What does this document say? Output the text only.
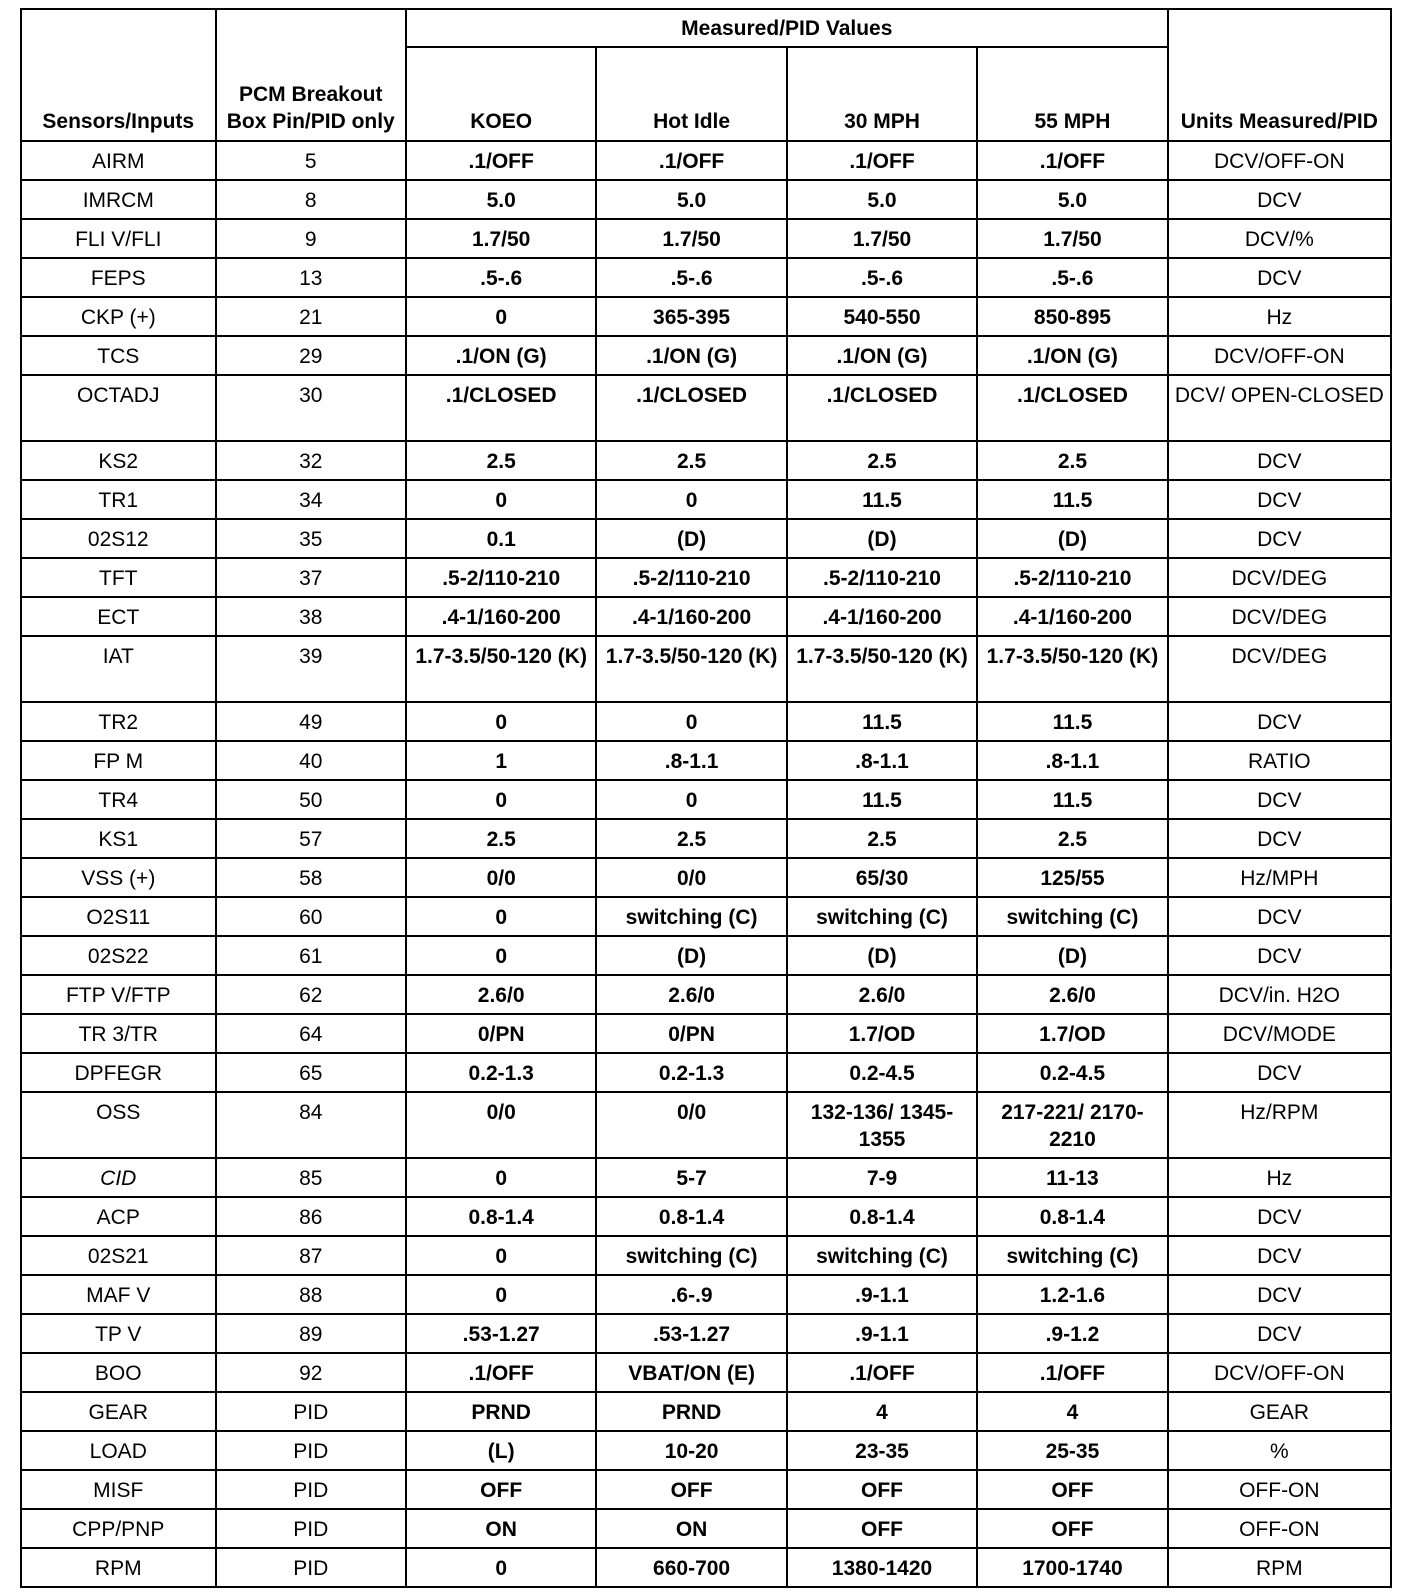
Sensors/Inputs	PCM Breakout Box Pin/PID only	Measured/PID Values				Units Measured/PID
		KOEO	Hot Idle	30 MPH	55 MPH	
AIRM	5	.1/OFF	.1/OFF	.1/OFF	.1/OFF	DCV/OFF-ON
IMRCM	8	5.0	5.0	5.0	5.0	DCV
FLI V/FLI	9	1.7/50	1.7/50	1.7/50	1.7/50	DCV/%
FEPS	13	.5-.6	.5-.6	.5-.6	.5-.6	DCV
CKP (+)	21	0	365-395	540-550	850-895	Hz
TCS	29	.1/ON (G)	.1/ON (G)	.1/ON (G)	.1/ON (G)	DCV/OFF-ON
OCTADJ	30	.1/CLOSED	.1/CLOSED	.1/CLOSED	.1/CLOSED	DCV/ OPEN-CLOSED
KS2	32	2.5	2.5	2.5	2.5	DCV
TR1	34	0	0	11.5	11.5	DCV
02S12	35	0.1	(D)	(D)	(D)	DCV
TFT	37	.5-2/110-210	.5-2/110-210	.5-2/110-210	.5-2/110-210	DCV/DEG
ECT	38	.4-1/160-200	.4-1/160-200	.4-1/160-200	.4-1/160-200	DCV/DEG
IAT	39	1.7-3.5/50-120 (K)	1.7-3.5/50-120 (K)	1.7-3.5/50-120 (K)	1.7-3.5/50-120 (K)	DCV/DEG
TR2	49	0	0	11.5	11.5	DCV
FP M	40	1	.8-1.1	.8-1.1	.8-1.1	RATIO
TR4	50	0	0	11.5	11.5	DCV
KS1	57	2.5	2.5	2.5	2.5	DCV
VSS (+)	58	0/0	0/0	65/30	125/55	Hz/MPH
O2S11	60	0	switching (C)	switching (C)	switching (C)	DCV
02S22	61	0	(D)	(D)	(D)	DCV
FTP V/FTP	62	2.6/0	2.6/0	2.6/0	2.6/0	DCV/in. H2O
TR 3/TR	64	0/PN	0/PN	1.7/OD	1.7/OD	DCV/MODE
DPFEGR	65	0.2-1.3	0.2-1.3	0.2-4.5	0.2-4.5	DCV
OSS	84	0/0	0/0	132-136/ 1345-1355	217-221/ 2170-2210	Hz/RPM
CID	85	0	5-7	7-9	11-13	Hz
ACP	86	0.8-1.4	0.8-1.4	0.8-1.4	0.8-1.4	DCV
02S21	87	0	switching (C)	switching (C)	switching (C)	DCV
MAF V	88	0	.6-.9	.9-1.1	1.2-1.6	DCV
TP V	89	.53-1.27	.53-1.27	.9-1.1	.9-1.2	DCV
BOO	92	.1/OFF	VBAT/ON (E)	.1/OFF	.1/OFF	DCV/OFF-ON
GEAR	PID	PRND	PRND	4	4	GEAR
LOAD	PID	(L)	10-20	23-35	25-35	%
MISF	PID	OFF	OFF	OFF	OFF	OFF-ON
CPP/PNP	PID	ON	ON	OFF	OFF	OFF-ON
RPM	PID	0	660-700	1380-1420	1700-1740	RPM
